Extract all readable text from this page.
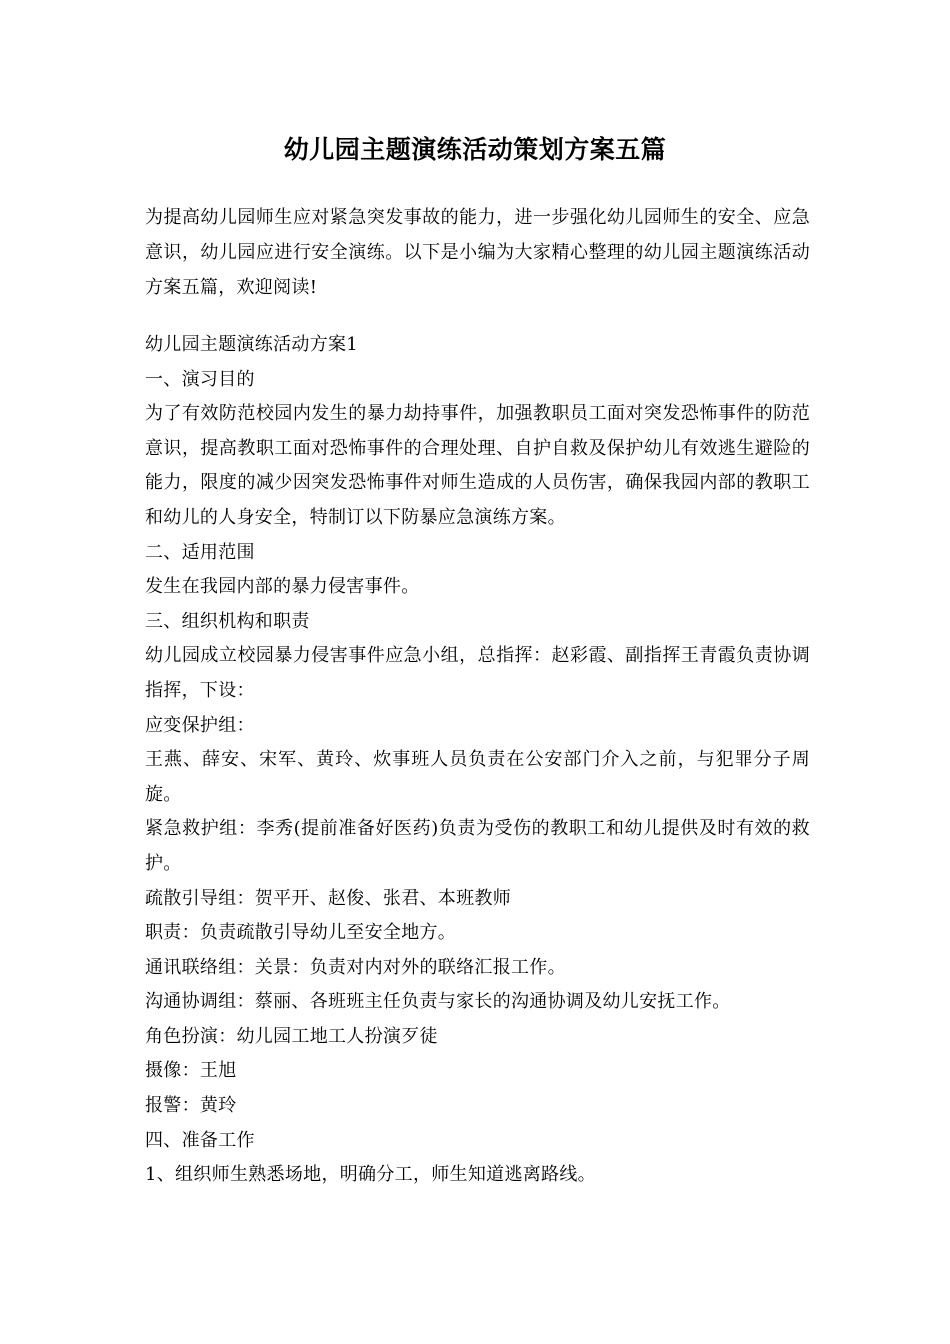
幼儿园主题演练活动策划方案五篇

为提高幼儿园师生应对紧急突发事故的能力，进一步强化幼儿园师生的安全、应急意识，幼儿园应进行安全演练。以下是小编为大家精心整理的幼儿园主题演练活动方案五篇，欢迎阅读!

幼儿园主题演练活动方案1

一、演习目的

为了有效防范校园内发生的暴力劫持事件，加强教职员工面对突发恐怖事件的防范意识，提高教职工面对恐怖事件的合理处理、自护自救及保护幼儿有效逃生避险的能力，限度的减少因突发恐怖事件对师生造成的人员伤害，确保我园内部的教职工和幼儿的人身安全，特制订以下防暴应急演练方案。

二、适用范围

发生在我园内部的暴力侵害事件。

三、组织机构和职责

幼儿园成立校园暴力侵害事件应急小组，总指挥：赵彩霞、副指挥王青霞负责协调指挥，下设：

应变保护组：

王燕、薛安、宋军、黄玲、炊事班人员负责在公安部门介入之前，与犯罪分子周旋。

紧急救护组：李秀(提前准备好医药)负责为受伤的教职工和幼儿提供及时有效的救护。

疏散引导组：贺平开、赵俊、张君、本班教师

职责：负责疏散引导幼儿至安全地方。

通讯联络组：关景：负责对内对外的联络汇报工作。

沟通协调组：蔡丽、各班班主任负责与家长的沟通协调及幼儿安抚工作。

角色扮演：幼儿园工地工人扮演歹徒

摄像：王旭

报警：黄玲

四、准备工作

1、组织师生熟悉场地，明确分工，师生知道逃离路线。
